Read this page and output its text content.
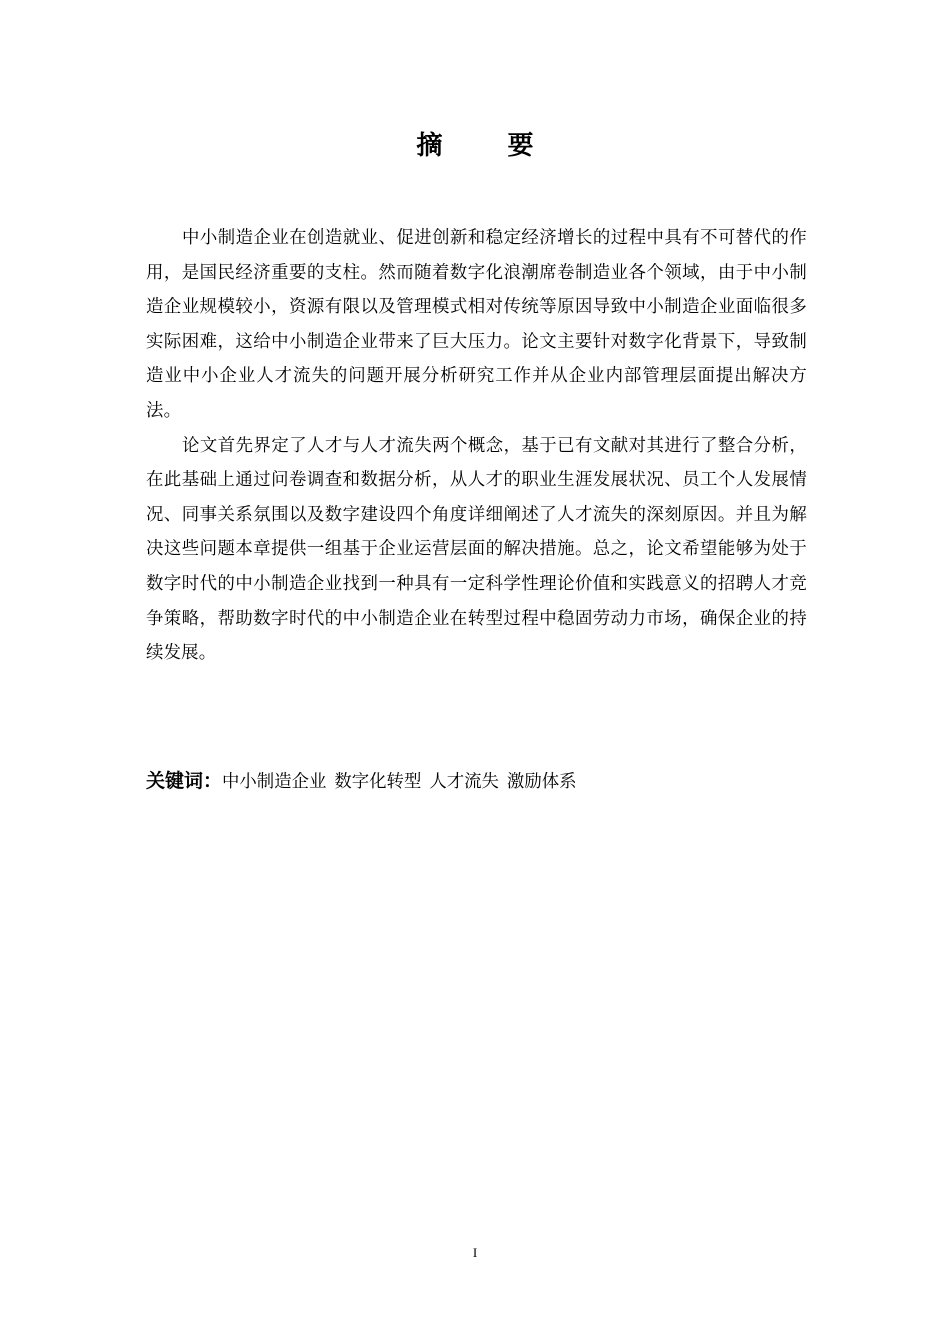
摘 要

中小制造企业在创造就业、促进创新和稳定经济增长的过程中具有不可替代的作用，是国民经济重要的支柱。然而随着数字化浪潮席卷制造业各个领域，由于中小制造企业规模较小，资源有限以及管理模式相对传统等原因导致中小制造企业面临很多实际困难，这给中小制造企业带来了巨大压力。论文主要针对数字化背景下，导致制造业中小企业人才流失的问题开展分析研究工作并从企业内部管理层面提出解决方法。

论文首先界定了人才与人才流失两个概念，基于已有文献对其进行了整合分析，在此基础上通过问卷调查和数据分析，从人才的职业生涯发展状况、员工个人发展情况、同事关系氛围以及数字建设四个角度详细阐述了人才流失的深刻原因。并且为解决这些问题本章提供一组基于企业运营层面的解决措施。总之，论文希望能够为处于数字时代的中小制造企业找到一种具有一定科学性理论价值和实践意义的招聘人才竞争策略，帮助数字时代的中小制造企业在转型过程中稳固劳动力市场，确保企业的持续发展。

关键词：中小制造企业 数字化转型 人才流失 激励体系
I
